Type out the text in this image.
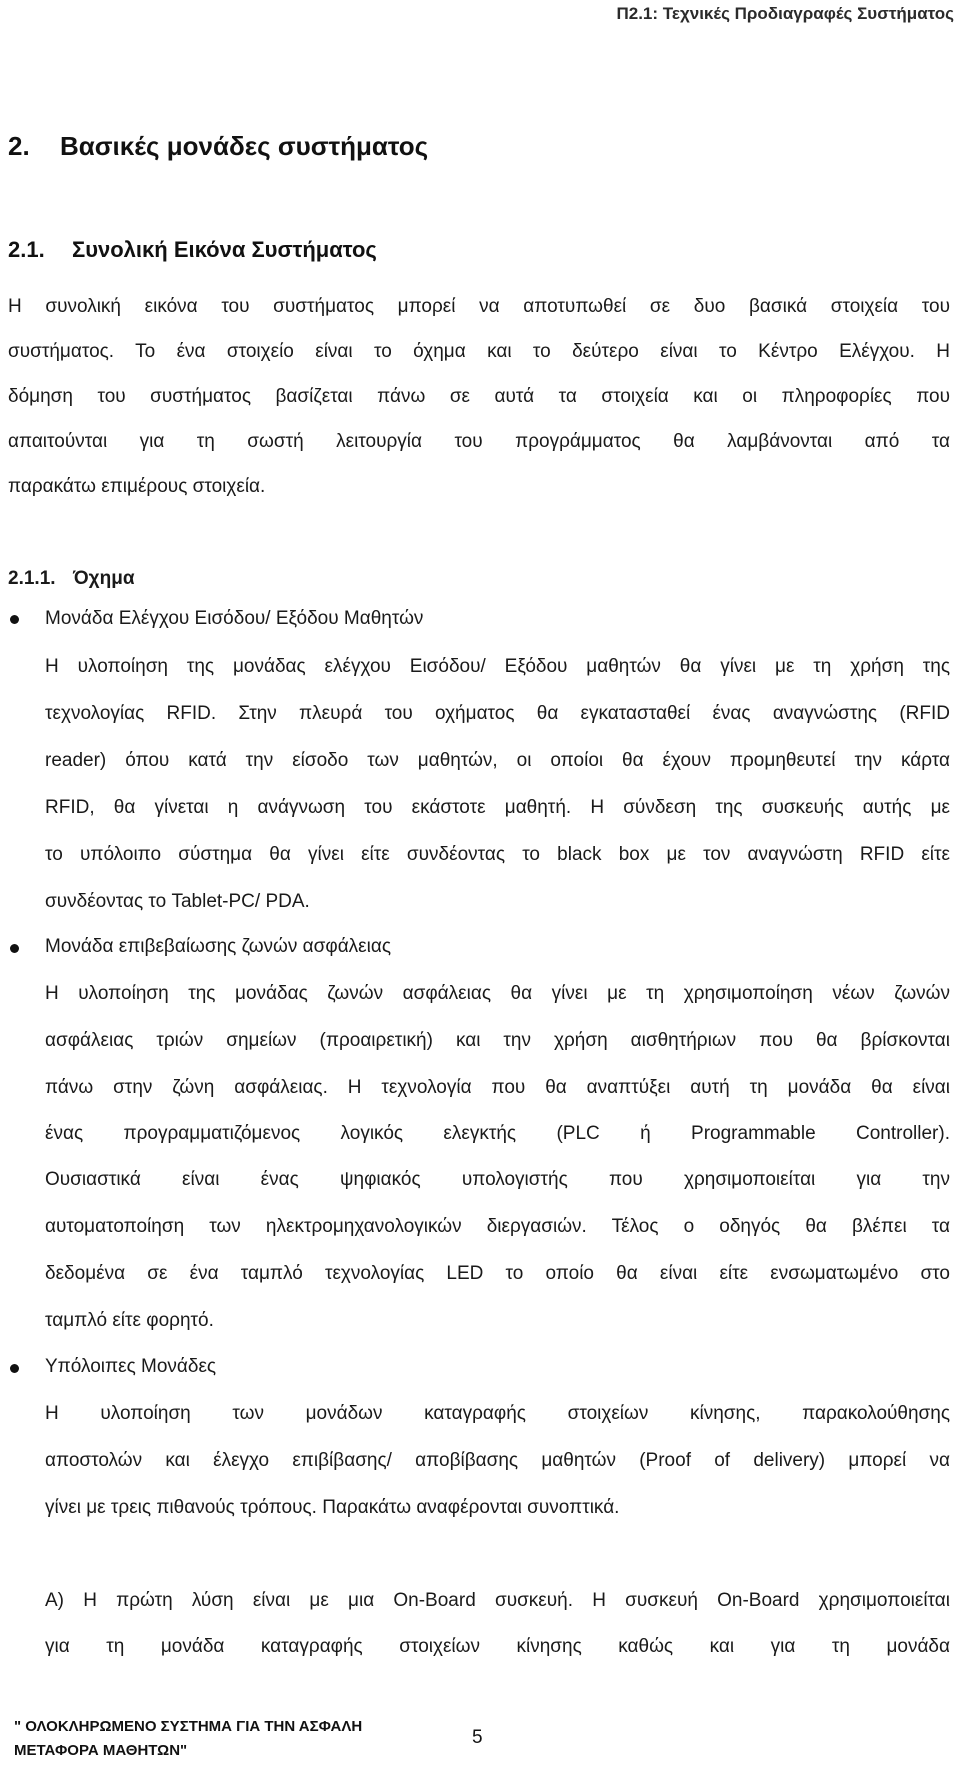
Π2.1: Τεχνικές Προδιαγραφές Συστήματος
2. Βασικές μονάδες συστήματος
2.1. Συνολική Εικόνα Συστήματος
Η συνολική εικόνα του συστήματος μπορεί να αποτυπωθεί σε δυο βασικά στοιχεία του
συστήματος. Το ένα στοιχείο είναι το όχημα και το δεύτερο είναι το Κέντρο Ελέγχου. Η
δόμηση του συστήματος βασίζεται πάνω σε αυτά τα στοιχεία και οι πληροφορίες που
απαιτούνται για τη σωστή λειτουργία του προγράμματος θα λαμβάνονται από τα
παρακάτω επιμέρους στοιχεία.
2.1.1. Όχημα
Μονάδα Ελέγχου Εισόδου/ Εξόδου Μαθητών
Η υλοποίηση της μονάδας ελέγχου Εισόδου/ Εξόδου μαθητών θα γίνει με τη χρήση της
τεχνολογίας RFID. Στην πλευρά του οχήματος θα εγκατασταθεί ένας αναγνώστης (RFID
reader) όπου κατά την είσοδο των μαθητών, οι οποίοι θα έχουν προμηθευτεί την κάρτα
RFID, θα γίνεται η ανάγνωση του εκάστοτε μαθητή. Η σύνδεση της συσκευής αυτής με
το υπόλοιπο σύστημα θα γίνει είτε συνδέοντας το black box με τον αναγνώστη RFID είτε
συνδέοντας το Tablet-PC/ PDA.
Μονάδα επιβεβαίωσης ζωνών ασφάλειας
Η υλοποίηση της μονάδας ζωνών ασφάλειας θα γίνει με τη χρησιμοποίηση νέων ζωνών
ασφάλειας τριών σημείων (προαιρετική) και την χρήση αισθητήριων που θα βρίσκονται
πάνω στην ζώνη ασφάλειας. Η τεχνολογία που θα αναπτύξει αυτή τη μονάδα θα είναι
ένας προγραμματιζόμενος λογικός ελεγκτής (PLC ή Programmable Controller).
Ουσιαστικά είναι ένας ψηφιακός υπολογιστής που χρησιμοποιείται για την
αυτοματοποίηση των ηλεκτρομηχανολογικών διεργασιών. Τέλος ο οδηγός θα βλέπει τα
δεδομένα σε ένα ταμπλό τεχνολογίας LED το οποίο θα είναι είτε ενσωματωμένο στο
ταμπλό είτε φορητό.
Υπόλοιπες Μονάδες
Η υλοποίηση των μονάδων καταγραφής στοιχείων κίνησης, παρακολούθησης
αποστολών και έλεγχο επιβίβασης/ αποβίβασης μαθητών (Proof of delivery) μπορεί να
γίνει με τρεις πιθανούς τρόπους. Παρακάτω αναφέρονται συνοπτικά.
Α) Η πρώτη λύση είναι με μια On-Board συσκευή. Η συσκευή On-Board χρησιμοποιείται
για τη μονάδα καταγραφής στοιχείων κίνησης καθώς και για τη μονάδα
" ΟΛΟΚΛΗΡΩΜΕΝΟ ΣΥΣΤΗΜΑ ΓΙΑ ΤΗΝ ΑΣΦΑΛΗ
ΜΕΤΑΦΟΡΑ ΜΑΘΗΤΩΝ"
5
